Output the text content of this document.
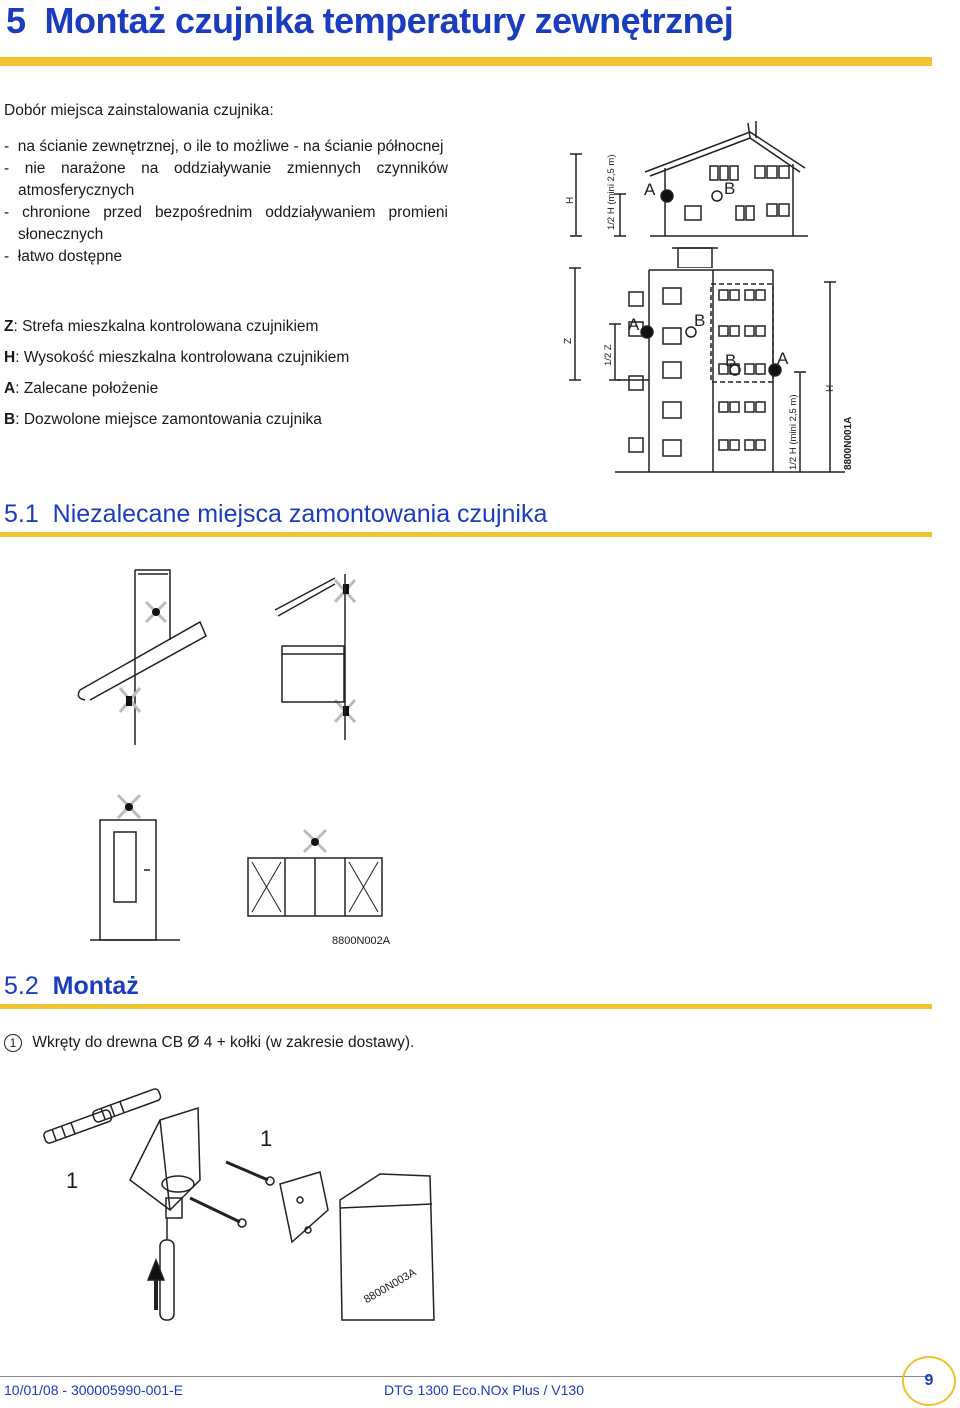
5 Montaż czujnika temperatury zewnętrznej
Dobór miejsca zainstalowania czujnika:
- na ścianie zewnętrznej, o ile to możliwe - na ścianie północnej
- nie narażone na oddziaływanie zmiennych czynników
atmosferycznych
- chronione przed bezpośrednim oddziaływaniem promieni
słonecznych
- łatwo dostępne
Z: Strefa mieszkalna kontrolowana czujnikiem
H: Wysokość mieszkalna kontrolowana czujnikiem
A: Zalecane położenie
B: Dozwolone miejsce zamontowania czujnika
H	1/2 H (mini 2,5 m) A	B
Z
1/2 Z
A	B
B A
H
1/2 H (mini 2,5 m)	8800N001A
5.1 Niezalecane miejsca zamontowania czujnika
8800N002A
5.2 Montaż
1 Wkręty do drewna CB Ø 4 + kołki (w zakresie dostawy).
1
1
8800N003A
10/01/08 - 300005990-001-E	DTG 1300 Eco.NOx Plus / V130
9
